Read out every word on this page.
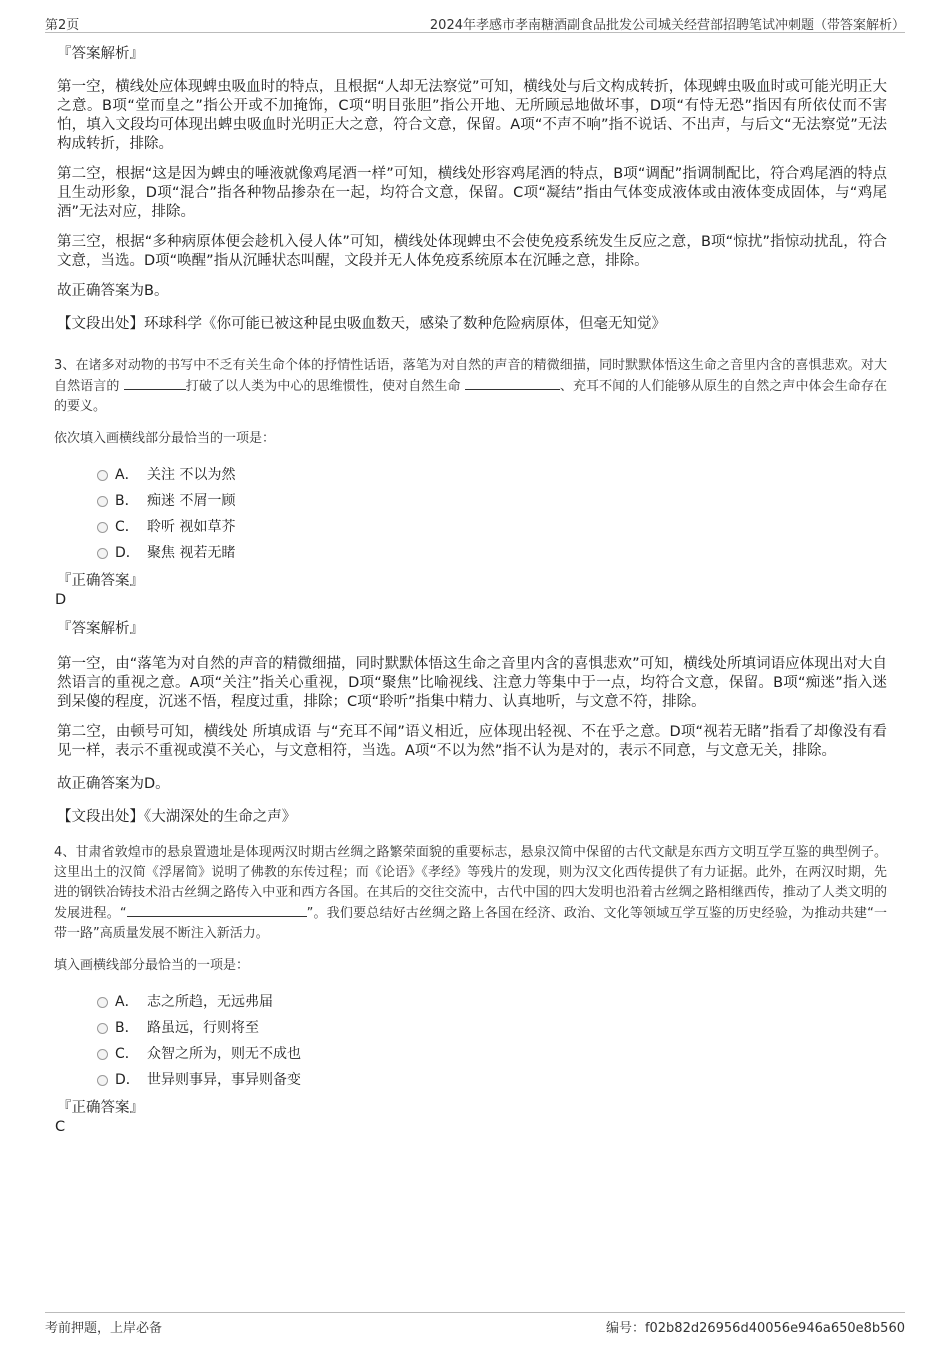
第2页	2024年孝感市孝南糖酒副食品批发公司城关经营部招聘笔试冲刺题（带答案解析）
『答案解析』

第一空，横线处应体现蜱虫吸血时的特点，且根据“人却无法察觉”可知，横线处与后文构成转折，体现蜱虫吸血时或可能光明正大之意。B项“堂而皇之”指公开或不加掩饰，C项“明目张胆”指公开地、无所顾忌地做坏事，D项“有恃无恐”指因有所依仗而不害怕，填入文段均可体现出蜱虫吸血时光明正大之意，符合文意，保留。A项“不声不响”指不说话、不出声，与后文“无法察觉”无法构成转折，排除。

第二空，根据“这是因为蜱虫的唾液就像鸡尾酒一样”可知，横线处形容鸡尾酒的特点，B项“调配”指调制配比，符合鸡尾酒的特点且生动形象，D项“混合”指各种物品掺杂在一起，均符合文意，保留。C项“凝结”指由气体变成液体或由液体变成固体，与“鸡尾酒”无法对应，排除。

第三空，根据“多种病原体便会趁机入侵人体”可知，横线处体现蜱虫不会使免疫系统发生反应之意，B项“惊扰”指惊动扰乱，符合文意，当选。D项“唤醒”指从沉睡状态叫醒，文段并无人体免疫系统原本在沉睡之意，排除。

故正确答案为B。

【文段出处】环球科学《你可能已被这种昆虫吸血数天，感染了数种危险病原体，但毫无知觉》

3、在诸多对动物的书写中不乏有关生命个体的抒情性话语，落笔为对自然的声音的精微细描，同时默默体悟这生命之音里内含的喜惧悲欢。对大自然语言的	打破了以人类为中心的思维惯性，使对自然生命	、充耳不闻的人们能够从原生的自然之声中体会生命存在的要义。

依次填入画横线部分最恰当的一项是：

A． 关注 不以为然
B． 痴迷 不屑一顾
C． 聆听 视如草芥
D． 聚焦 视若无睹
『正确答案』
D
『答案解析』

第一空，由“落笔为对自然的声音的精微细描，同时默默体悟这生命之音里内含的喜惧悲欢”可知，横线处所填词语应体现出对大自然语言的重视之意。A项“关注”指关心重视，D项“聚焦”比喻视线、注意力等集中于一点，均符合文意，保留。B项“痴迷”指入迷到呆傻的程度，沉迷不悟，程度过重，排除；C项“聆听”指集中精力、认真地听，与文意不符，排除。

第二空，由顿号可知，横线处 所填成语 与“充耳不闻”语义相近，应体现出轻视、不在乎之意。D项“视若无睹”指看了却像没有看见一样，表示不重视或漠不关心，与文意相符，当选。A项“不以为然”指不认为是对的，表示不同意，与文意无关，排除。

故正确答案为D。

【文段出处】《大湖深处的生命之声》

4、甘肃省敦煌市的悬泉置遗址是体现两汉时期古丝绸之路繁荣面貌的重要标志，悬泉汉简中保留的古代文献是东西方文明互学互鉴的典型例子。这里出土的汉简《浮屠简》说明了佛教的东传过程；而《论语》《孝经》等残片的发现，则为汉文化西传提供了有力证据。此外，在两汉时期，先进的钢铁冶铸技术沿古丝绸之路传入中亚和西方各国。在其后的交往交流中，古代中国的四大发明也沿着古丝绸之路相继西传，推动了人类文明的发展进程。“	”。我们要总结好古丝绸之路上各国在经济、政治、文化等领域互学互鉴的历史经验，为推动共建“一带一路”高质量发展不断注入新活力。

填入画横线部分最恰当的一项是：

A． 志之所趋，无远弗届
B． 路虽远，行则将至
C． 众智之所为，则无不成也
D． 世异则事异，事异则备变
『正确答案』
C
考前押题，上岸必备	编号：f02b82d26956d40056e946a650e8b560
